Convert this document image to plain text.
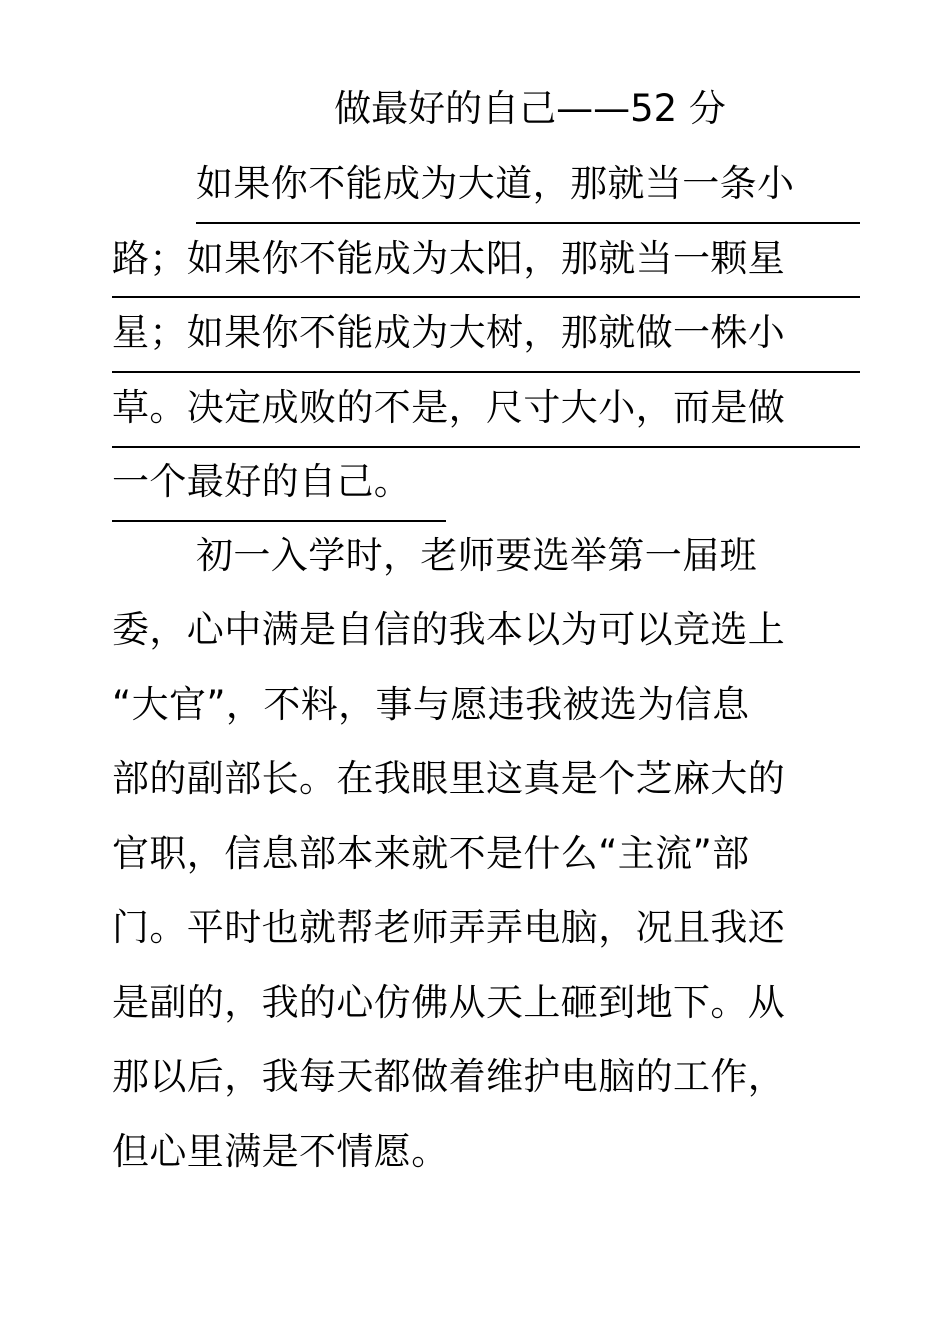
做最好的自己——52 分
如果你不能成为大道，那就当一条小
路；如果你不能成为太阳，那就当一颗星
星；如果你不能成为大树，那就做一株小
草。决定成败的不是，尺寸大小，而是做
一个最好的自己。
初一入学时，老师要选举第一届班
委，心中满是自信的我本以为可以竞选上
“大官”，不料，事与愿违我被选为信息
部的副部长。在我眼里这真是个芝麻大的
官职，信息部本来就不是什么“主流”部
门。平时也就帮老师弄弄电脑，况且我还
是副的，我的心仿佛从天上砸到地下。从
那以后，我每天都做着维护电脑的工作，
但心里满是不情愿。
